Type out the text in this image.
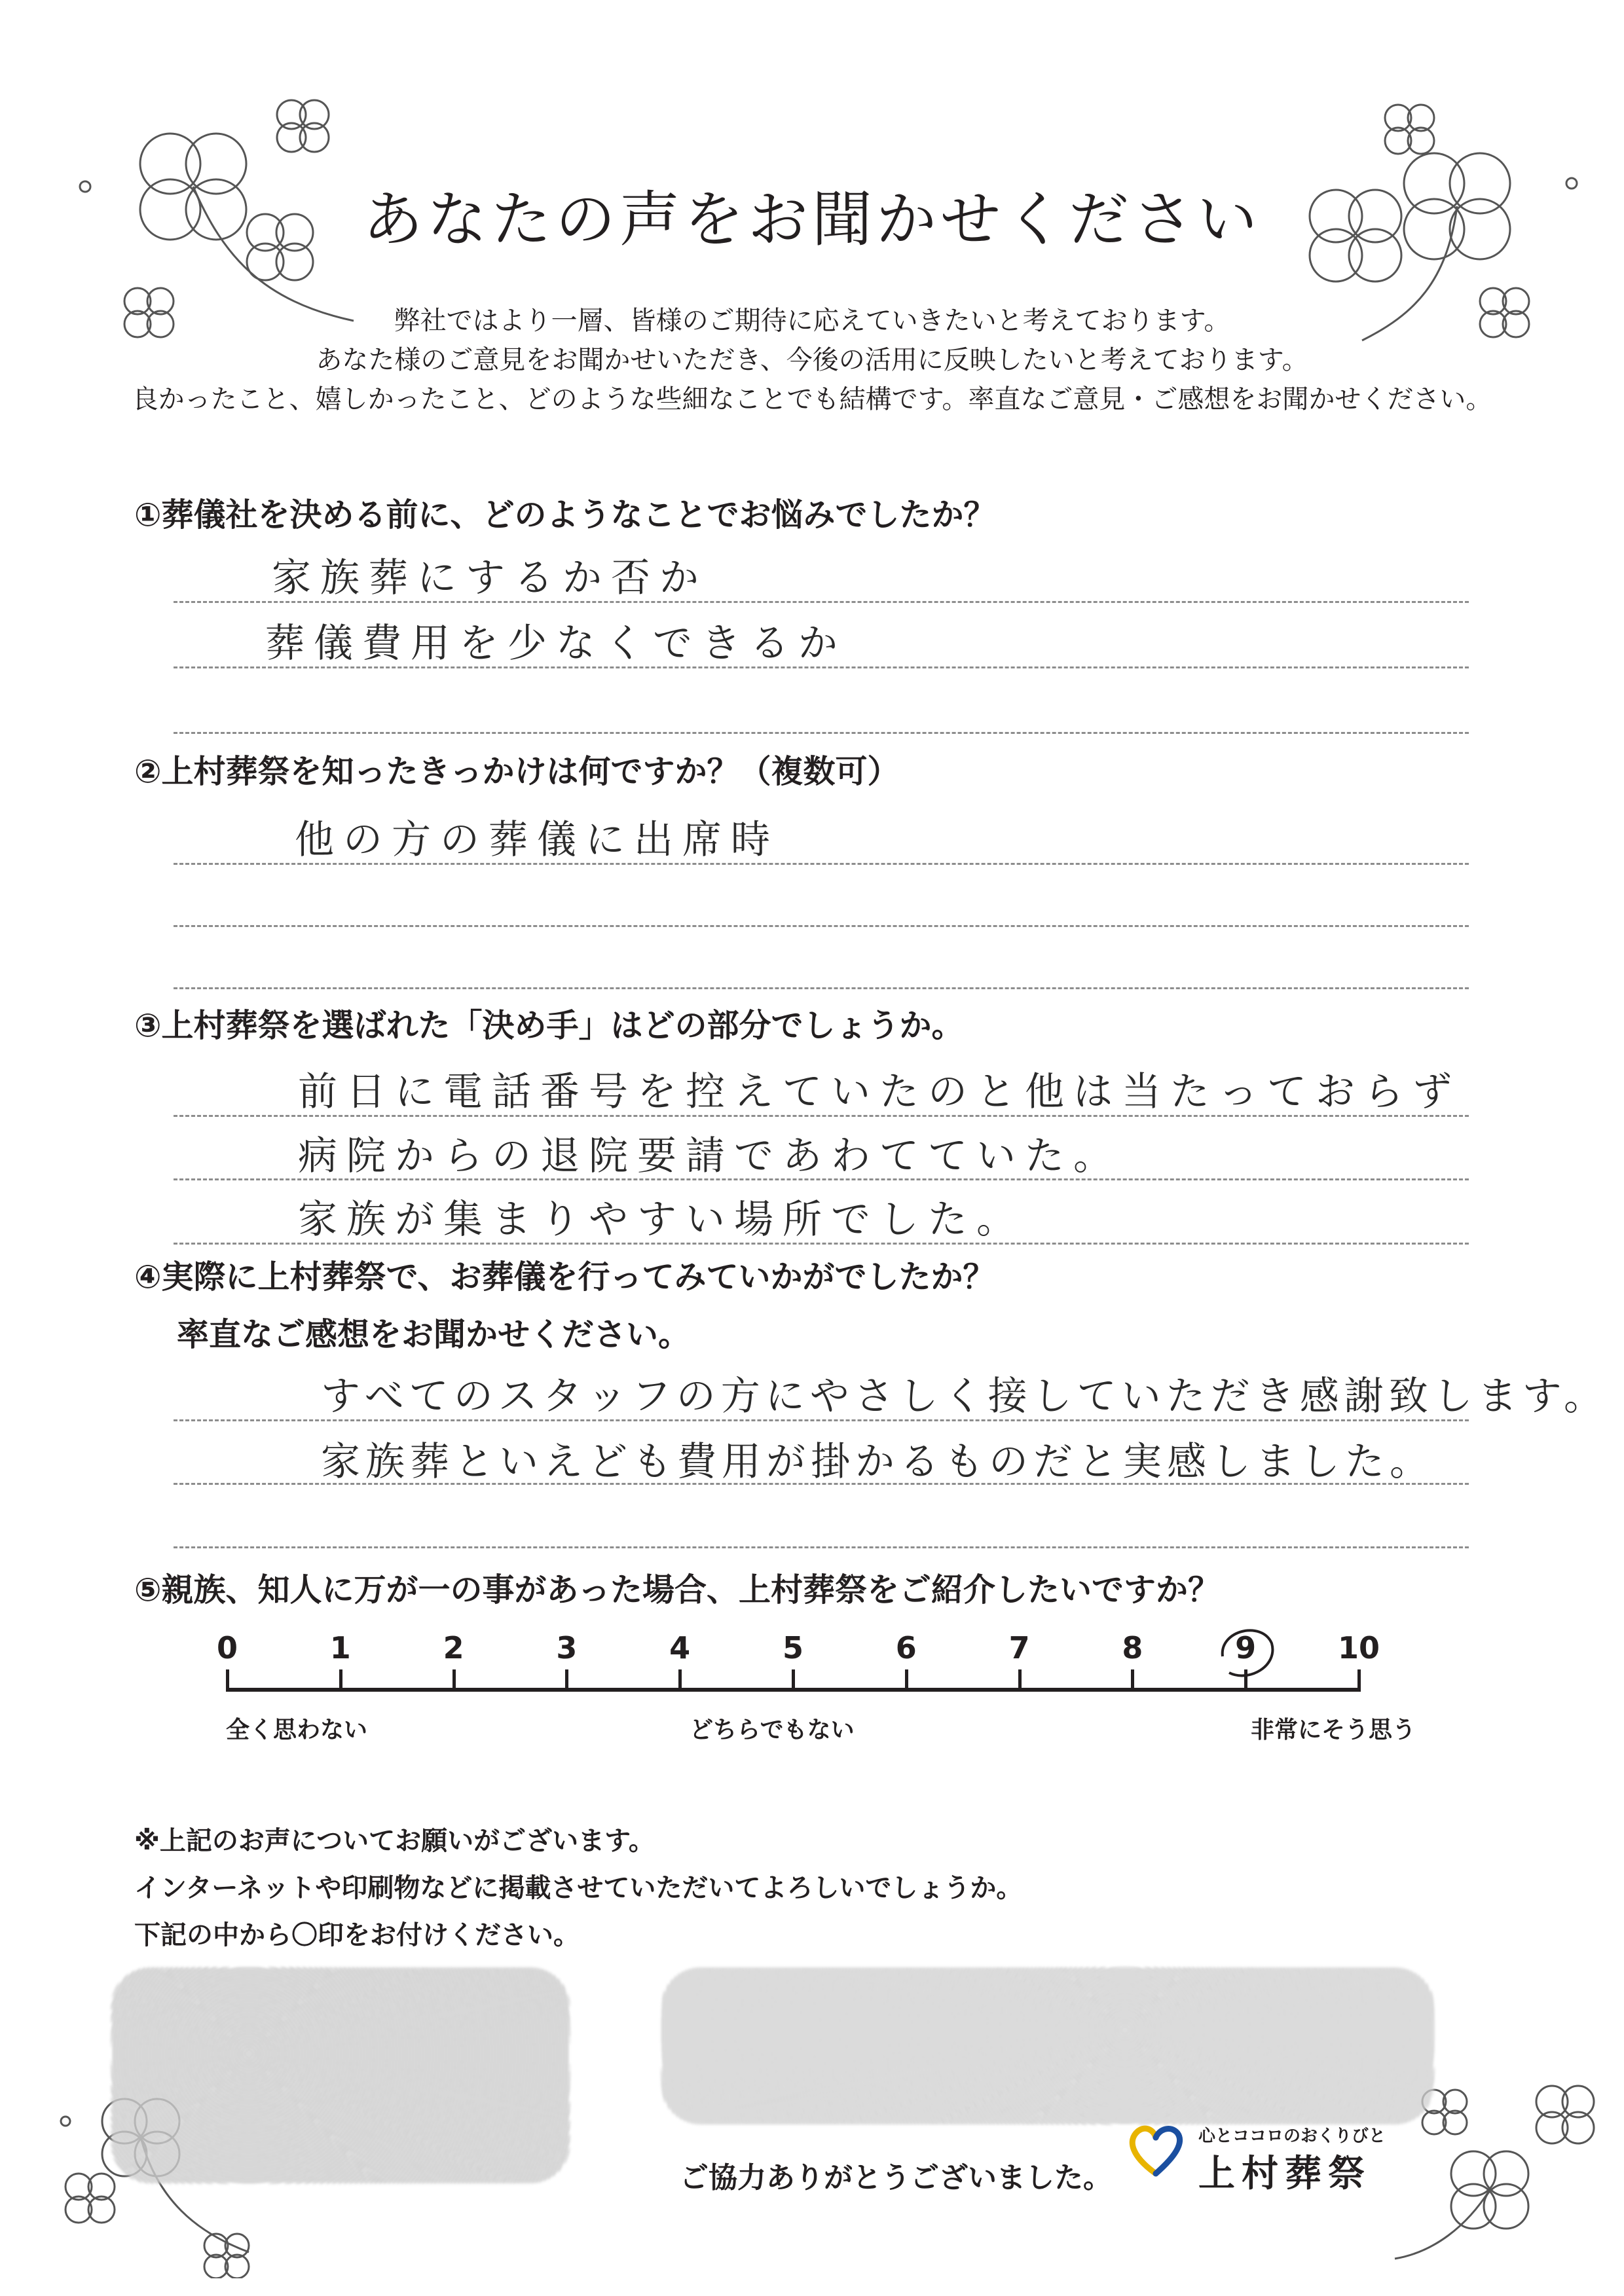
あなたの声をお聞かせください
弊社ではより一層、皆様のご期待に応えていきたいと考えております。
あなた様のご意見をお聞かせいただき、今後の活用に反映したいと考えております。
良かったこと、嬉しかったこと、どのような些細なことでも結構です。率直なご意見・ご感想をお聞かせください。
①葬儀社を決める前に、どのようなことでお悩みでしたか？
家族葬にするか否か
葬儀費用を少なくできるか
②上村葬祭を知ったきっかけは何ですか？（複数可）
他の方の葬儀に出席時
③上村葬祭を選ばれた「決め手」はどの部分でしょうか。
前日に電話番号を控えていたのと他は当たっておらず
病院からの退院要請であわてていた。
家族が集まりやすい場所でした。
④実際に上村葬祭で、お葬儀を行ってみていかがでしたか？
率直なご感想をお聞かせください。
すべてのスタッフの方にやさしく接していただき感謝致します。
家族葬といえども費用が掛かるものだと実感しました。
⑤親族、知人に万が一の事があった場合、上村葬祭をご紹介したいですか？
0	1	2	3	4	5	6	7	8	9	10
全く思わない	どちらでもない	非常にそう思う
※上記のお声についてお願いがございます。
インターネットや印刷物などに掲載させていただいてよろしいでしょうか。
下記の中から〇印をお付けください。
ご協力ありがとうございました。
心とココロのおくりびと
上村葬祭
